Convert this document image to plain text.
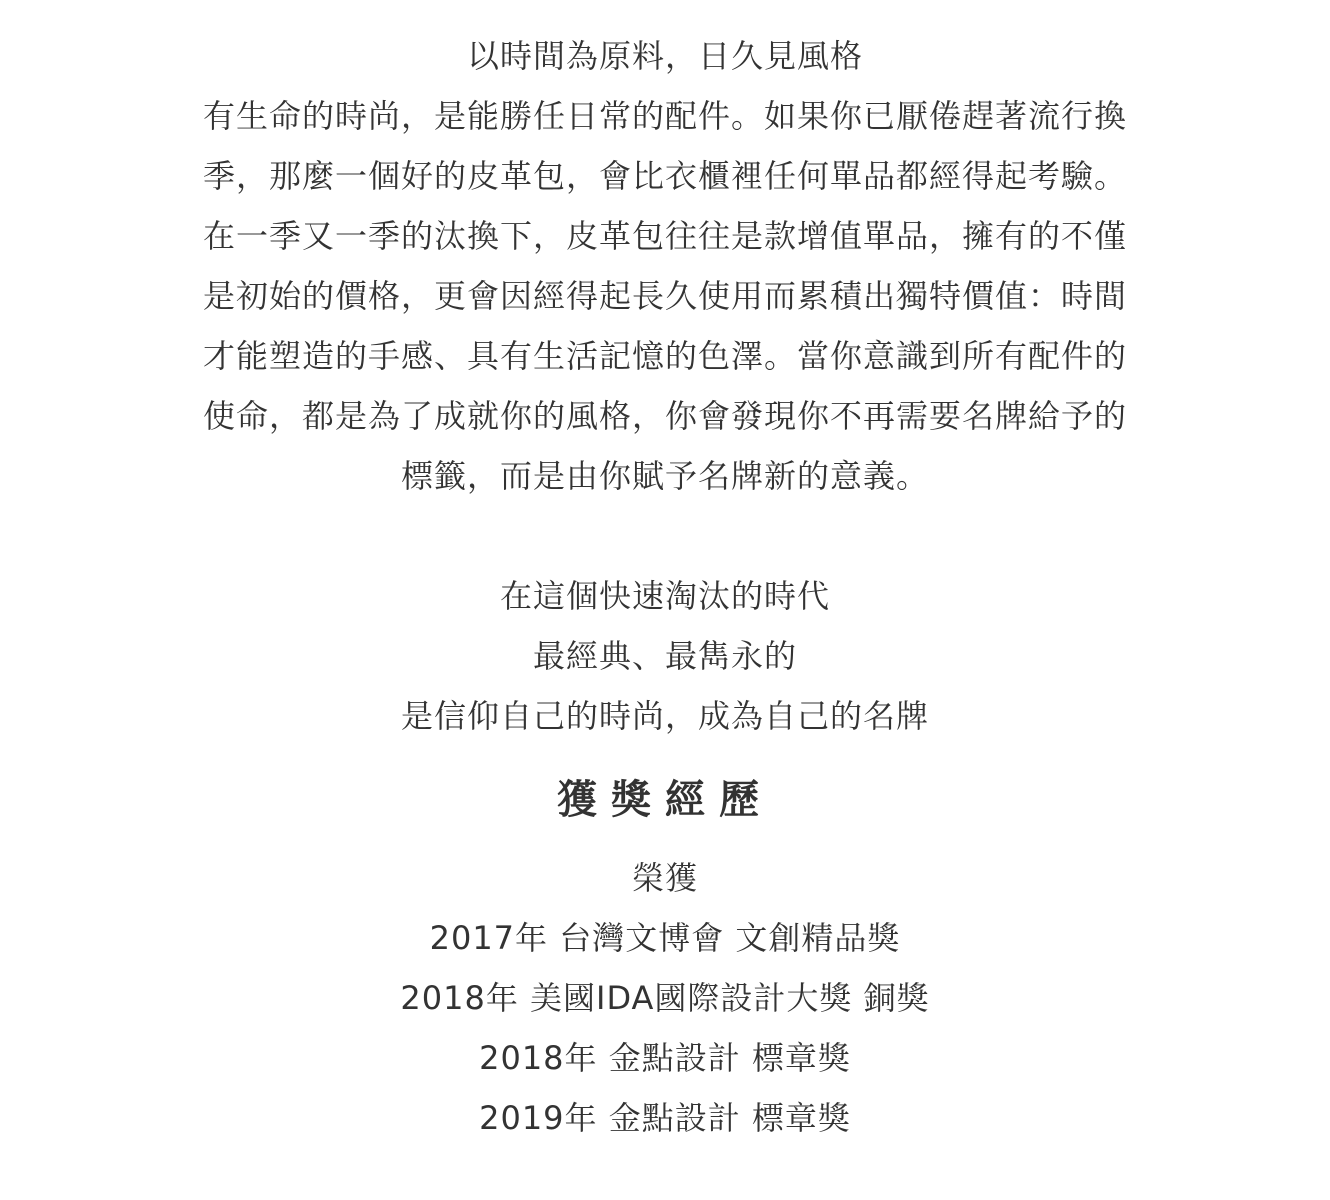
以時間為原料，日久見風格
有生命的時尚，是能勝任日常的配件。如果你已厭倦趕著流行換
季，那麼一個好的皮革包，會比衣櫃裡任何單品都經得起考驗。
在一季又一季的汰換下，皮革包往往是款增值單品，擁有的不僅
是初始的價格，更會因經得起長久使用而累積出獨特價值：時間
才能塑造的手感、具有生活記憶的色澤。當你意識到所有配件的
使命，都是為了成就你的風格，你會發現你不再需要名牌給予的
標籤，而是由你賦予名牌新的意義。
在這個快速淘汰的時代
最經典、最雋永的
是信仰自己的時尚，成為自己的名牌
獲獎經歷
榮獲
2017年 台灣文博會 文創精品獎
2018年 美國IDA國際設計大獎 銅獎
2018年 金點設計 標章獎
2019年 金點設計 標章獎
